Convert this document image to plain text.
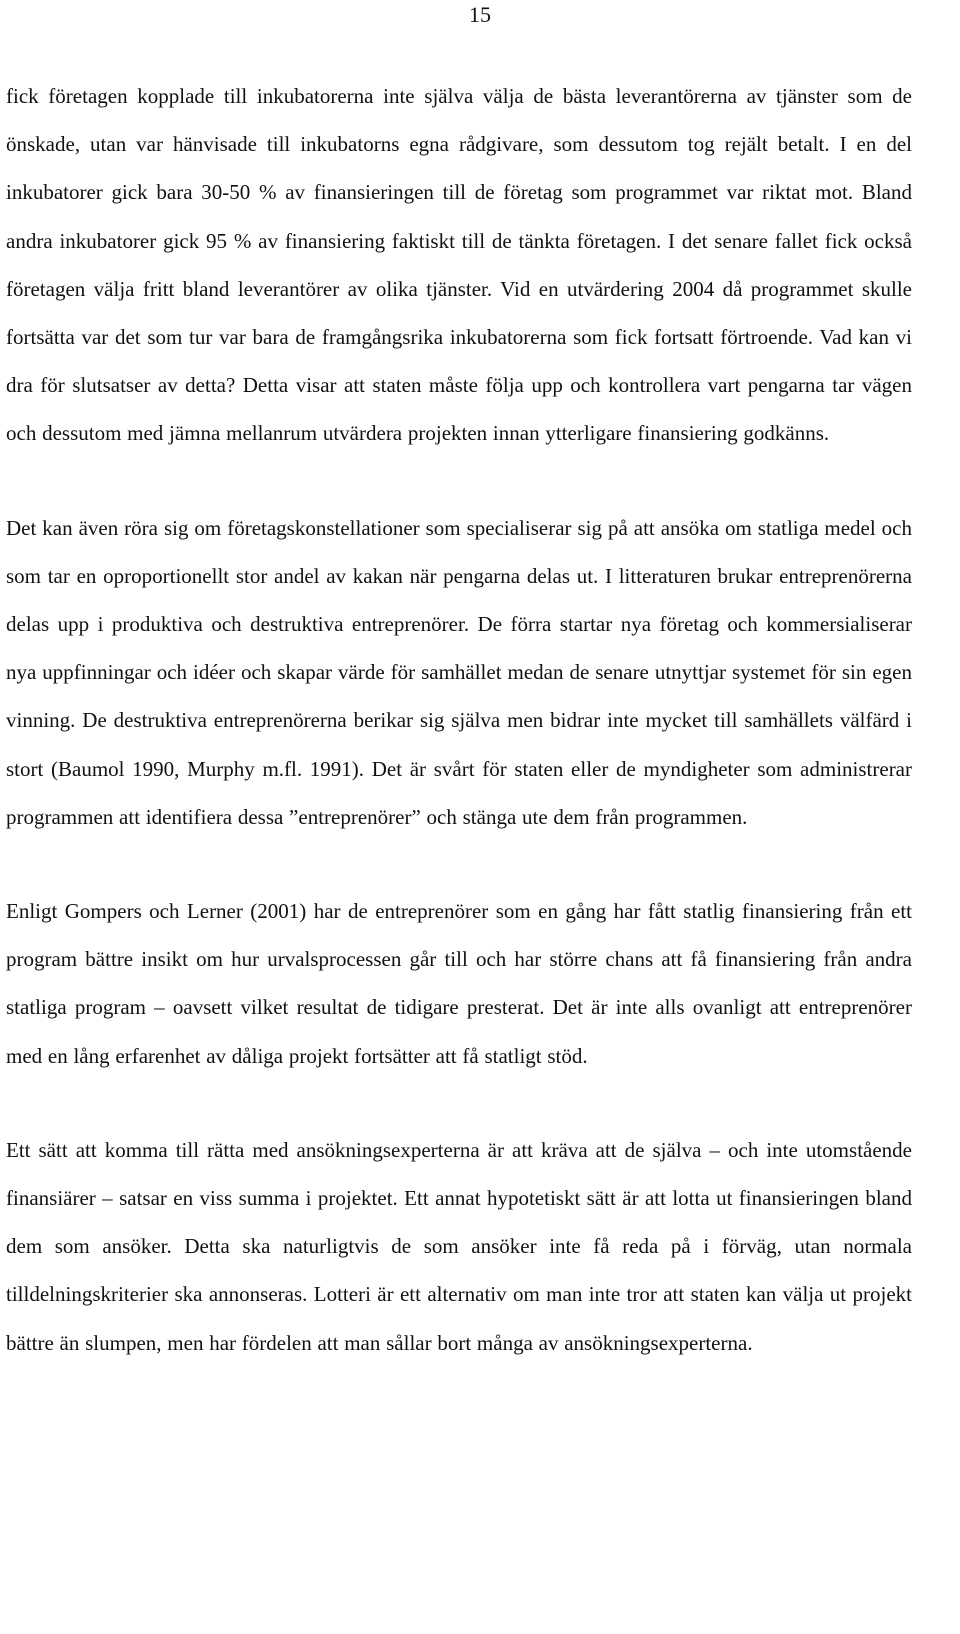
15

fick företagen kopplade till inkubatorerna inte själva välja de bästa leverantörerna av tjänster som de önskade, utan var hänvisade till inkubatorns egna rådgivare, som dessutom tog rejält betalt. I en del inkubatorer gick bara 30-50 % av finansieringen till de företag som programmet var riktat mot. Bland andra inkubatorer gick 95 % av finansiering faktiskt till de tänkta företagen. I det senare fallet fick också företagen välja fritt bland leverantörer av olika tjänster. Vid en utvärdering 2004 då programmet skulle fortsätta var det som tur var bara de framgångsrika inkubatorerna som fick fortsatt förtroende. Vad kan vi dra för slutsatser av detta? Detta visar att staten måste följa upp och kontrollera vart pengarna tar vägen och dessutom med jämna mellanrum utvärdera projekten innan ytterligare finansiering godkänns.

Det kan även röra sig om företagskonstellationer som specialiserar sig på att ansöka om statliga medel och som tar en oproportionellt stor andel av kakan när pengarna delas ut. I litteraturen brukar entreprenörerna delas upp i produktiva och destruktiva entreprenörer. De förra startar nya företag och kommersialiserar nya uppfinningar och idéer och skapar värde för samhället medan de senare utnyttjar systemet för sin egen vinning. De destruktiva entreprenörerna berikar sig själva men bidrar inte mycket till samhällets välfärd i stort (Baumol 1990, Murphy m.fl. 1991). Det är svårt för staten eller de myndigheter som administrerar programmen att identifiera dessa ”entreprenörer” och stänga ute dem från programmen.

Enligt Gompers och Lerner (2001) har de entreprenörer som en gång har fått statlig finansiering från ett program bättre insikt om hur urvalsprocessen går till och har större chans att få finansiering från andra statliga program – oavsett vilket resultat de tidigare presterat. Det är inte alls ovanligt att entreprenörer med en lång erfarenhet av dåliga projekt fortsätter att få statligt stöd.

Ett sätt att komma till rätta med ansökningsexperterna är att kräva att de själva – och inte utomstående finansiärer – satsar en viss summa i projektet. Ett annat hypotetiskt sätt är att lotta ut finansieringen bland dem som ansöker. Detta ska naturligtvis de som ansöker inte få reda på i förväg, utan normala tilldelningskriterier ska annonseras. Lotteri är ett alternativ om man inte tror att staten kan välja ut projekt bättre än slumpen, men har fördelen att man sållar bort många av ansökningsexperterna.
